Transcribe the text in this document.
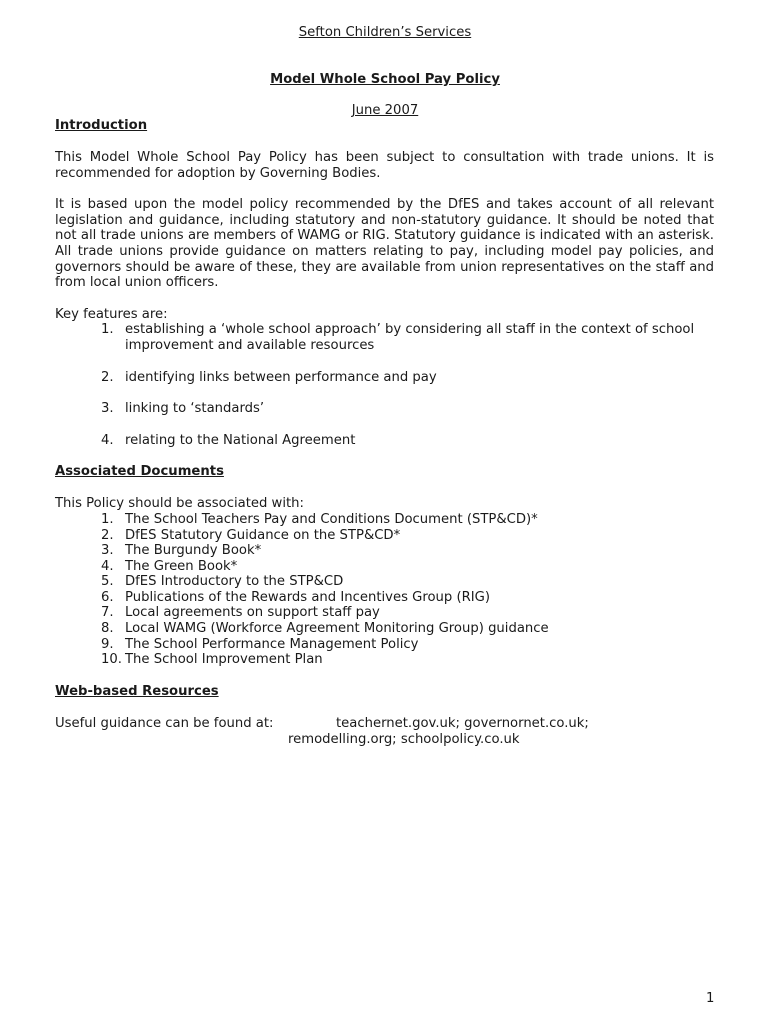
Sefton Children’s Services
Model Whole School Pay Policy
June 2007
Introduction

This Model Whole School Pay Policy has been subject to consultation with trade unions. It is recommended for adoption by Governing Bodies.

It is based upon the model policy recommended by the DfES and takes account of all relevant legislation and guidance, including statutory and non-statutory guidance. It should be noted that not all trade unions are members of WAMG or RIG. Statutory guidance is indicated with an asterisk. All trade unions provide guidance on matters relating to pay, including model pay policies, and governors should be aware of these, they are available from union representatives on the staff and from local union officers.

Key features are:

1. establishing a ‘whole school approach’ by considering all staff in the context of school improvement and available resources
2. identifying links between performance and pay
3. linking to ‘standards’
4. relating to the National Agreement
Associated Documents

This Policy should be associated with:

1. The School Teachers Pay and Conditions Document (STP&CD)*
2. DfES Statutory Guidance on the STP&CD*
3. The Burgundy Book*
4. The Green Book*
5. DfES Introductory to the STP&CD
6. Publications of the Rewards and Incentives Group (RIG)
7. Local agreements on support staff pay
8. Local WAMG (Workforce Agreement Monitoring Group) guidance
9. The School Performance Management Policy
10. The School Improvement Plan
Web-based Resources
Useful guidance can be found at:	teachernet.gov.uk; governornet.co.uk;
remodelling.org; schoolpolicy.co.uk
1
